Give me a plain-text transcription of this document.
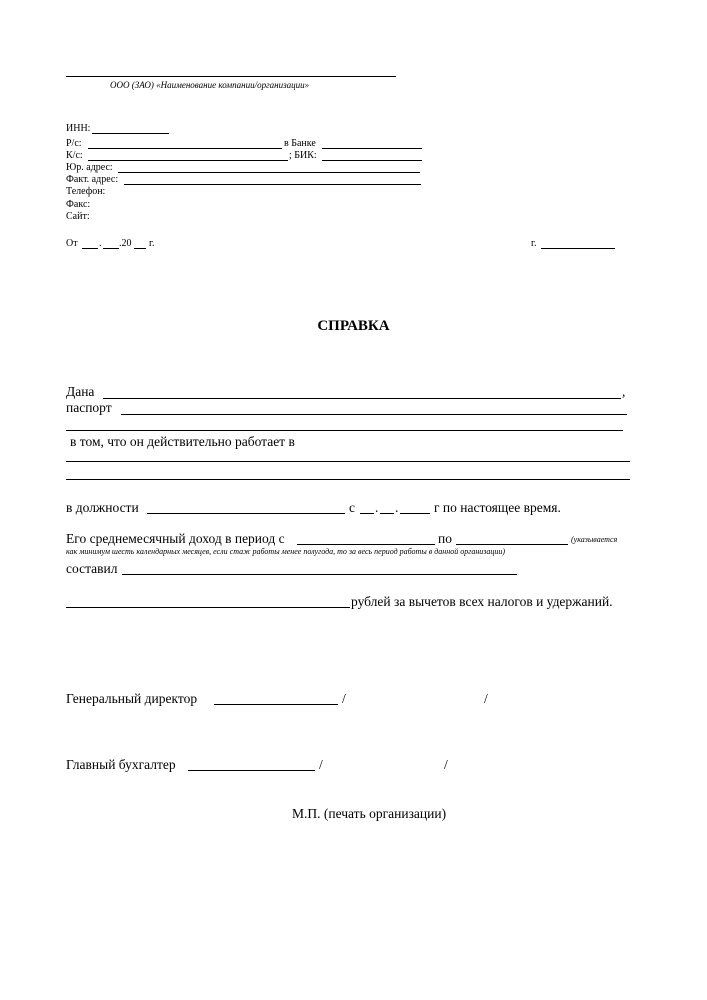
ООО (ЗАО) «Наименование компании/организации»
ИНН:
Р/с:	в Банке
К/с:	; БИК:
Юр. адрес:
Факт. адрес:
Телефон:
Факс:
Сайт:
От . .20 г.	г.
СПРАВКА
Дана	,
паспорт
в том, что он действительно работает в
в должности	с . .	г по настоящее время.
Его среднемесячный доход в период с	по	(указывается
как минимум шесть календарных месяцев, если стаж работы менее полугода, то за весь период работы в данной организации)
составил
рублей за вычетов всех налогов и удержаний.
Генеральный директор	/	/
Главный бухгалтер	/	/
М.П. (печать организации)
